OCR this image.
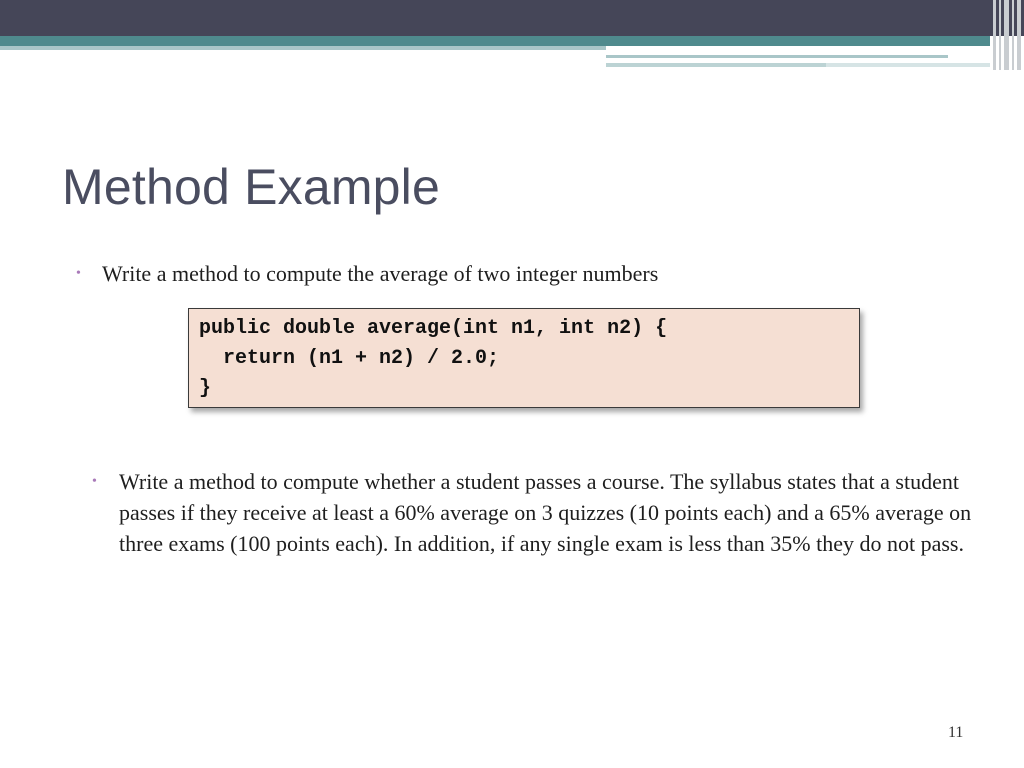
Method Example
• Write a method to compute the average of two integer numbers
public double average(int n1, int n2) {
return (n1 + n2) / 2.0;
}
• Write a method to compute whether a student passes a course. The syllabus states that a student passes if they receive at least a 60% average on 3 quizzes (10 points each) and a 65% average on three exams (100 points each). In addition, if any single exam is less than 35% they do not pass.
11
